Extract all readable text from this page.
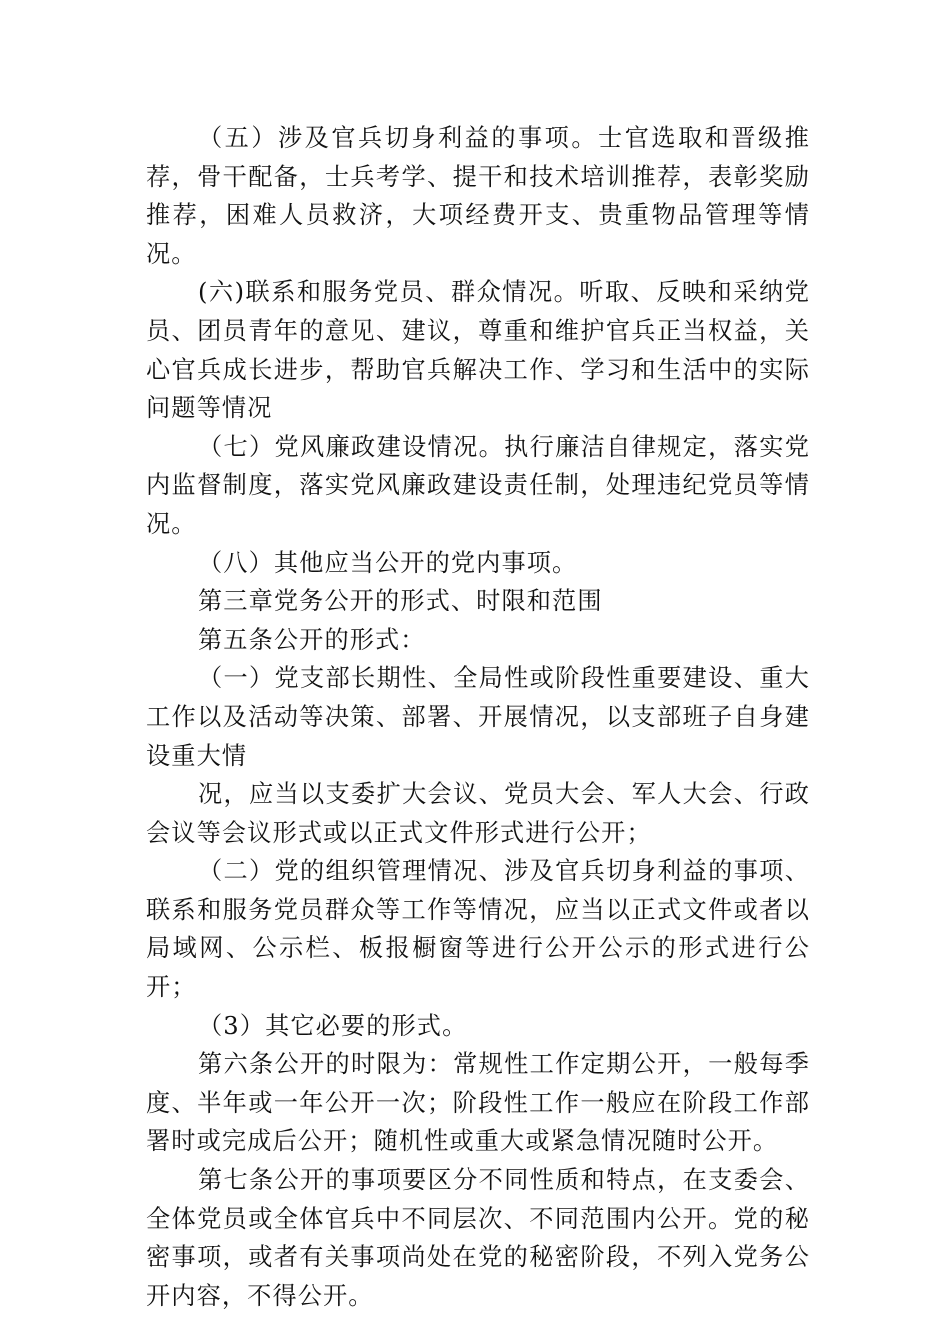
（五）涉及官兵切身利益的事项。士官选取和晋级推荐，骨干配备，士兵考学、提干和技术培训推荐，表彰奖励推荐，困难人员救济，大项经费开支、贵重物品管理等情况。

(六)联系和服务党员、群众情况。听取、反映和采纳党员、团员青年的意见、建议，尊重和维护官兵正当权益，关心官兵成长进步，帮助官兵解决工作、学习和生活中的实际问题等情况

（七）党风廉政建设情况。执行廉洁自律规定，落实党内监督制度，落实党风廉政建设责任制，处理违纪党员等情况。

（八）其他应当公开的党内事项。

第三章党务公开的形式、时限和范围

第五条公开的形式：

（一）党支部长期性、全局性或阶段性重要建设、重大工作以及活动等决策、部署、开展情况，以支部班子自身建设重大情

况，应当以支委扩大会议、党员大会、军人大会、行政会议等会议形式或以正式文件形式进行公开；

（二）党的组织管理情况、涉及官兵切身利益的事项、联系和服务党员群众等工作等情况，应当以正式文件或者以局域网、公示栏、板报橱窗等进行公开公示的形式进行公开；

（3）其它必要的形式。

第六条公开的时限为：常规性工作定期公开，一般每季度、半年或一年公开一次；阶段性工作一般应在阶段工作部署时或完成后公开；随机性或重大或紧急情况随时公开。

第七条公开的事项要区分不同性质和特点，在支委会、全体党员或全体官兵中不同层次、不同范围内公开。党的秘密事项，或者有关事项尚处在党的秘密阶段，不列入党务公开内容，不得公开。
